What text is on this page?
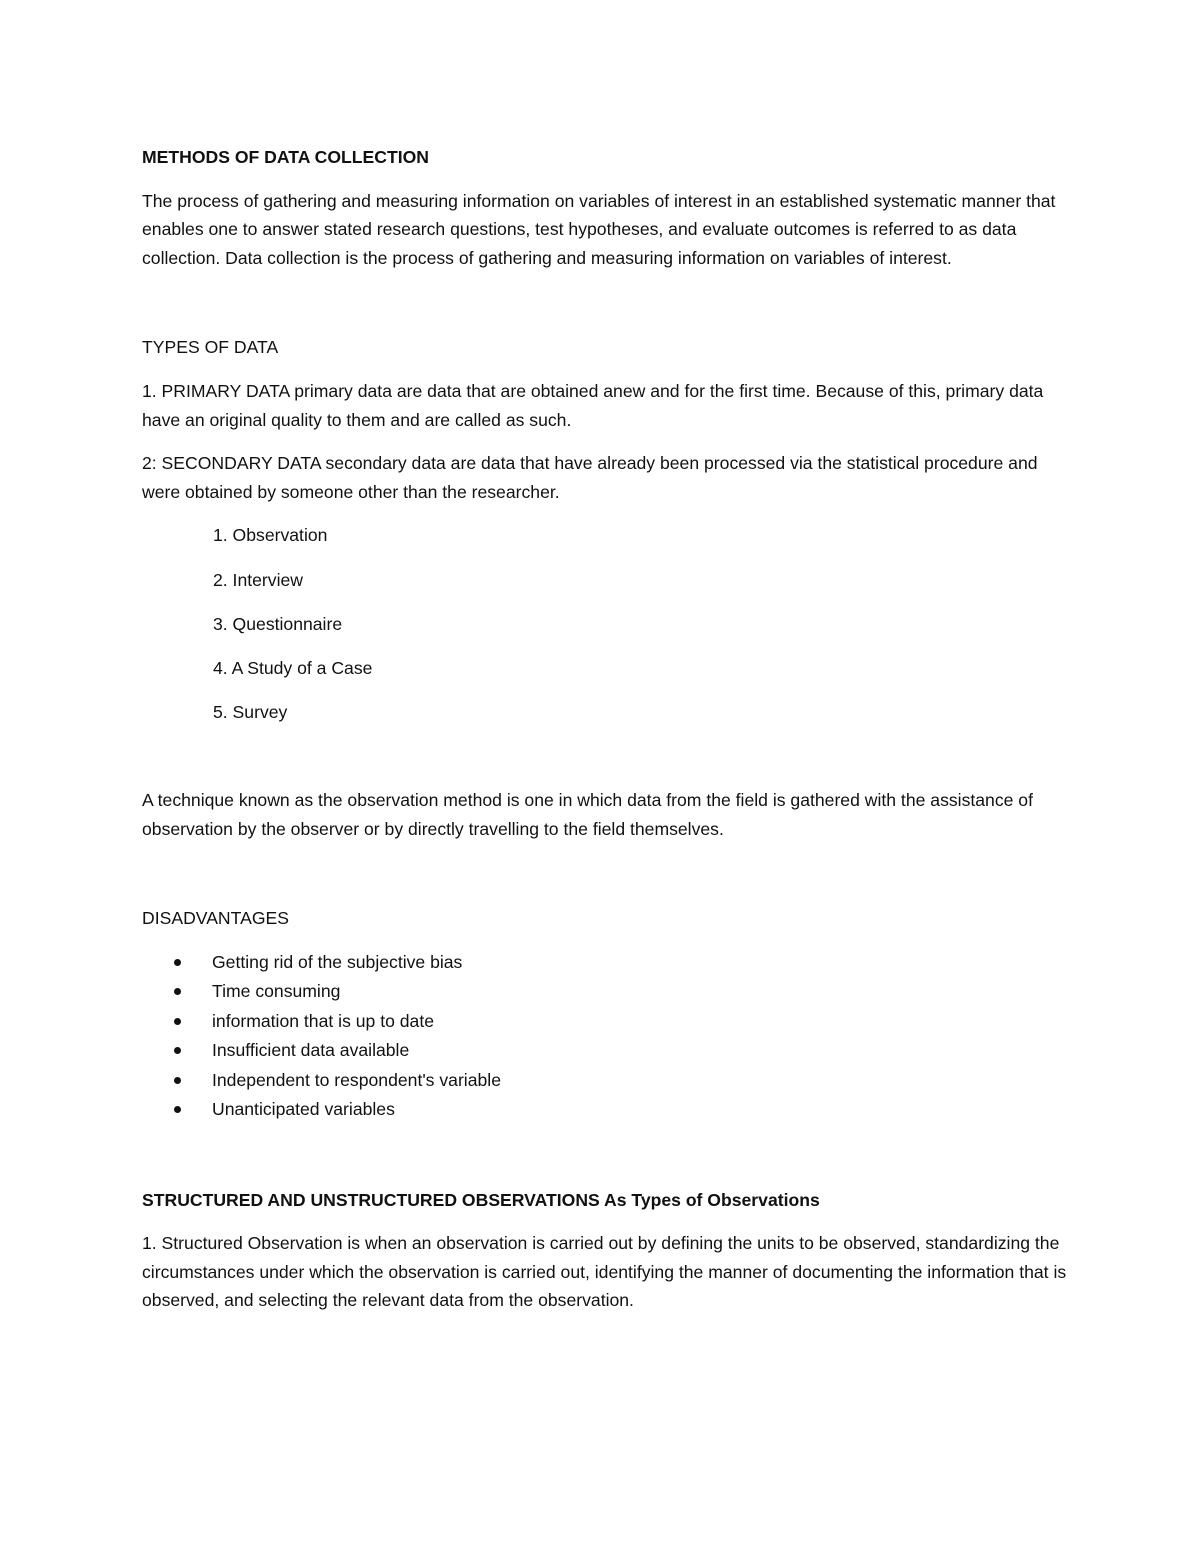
METHODS OF DATA COLLECTION

The process of gathering and measuring information on variables of interest in an established systematic manner that enables one to answer stated research questions, test hypotheses, and evaluate outcomes is referred to as data collection. Data collection is the process of gathering and measuring information on variables of interest.

TYPES OF DATA

1. PRIMARY DATA primary data are data that are obtained anew and for the first time. Because of this, primary data have an original quality to them and are called as such.

2: SECONDARY DATA secondary data are data that have already been processed via the statistical procedure and were obtained by someone other than the researcher.

1. Observation
2. Interview
3. Questionnaire
4. A Study of a Case
5. Survey

A technique known as the observation method is one in which data from the field is gathered with the assistance of observation by the observer or by directly travelling to the field themselves.

DISADVANTAGES

Getting rid of the subjective bias
Time consuming
information that is up to date
Insufficient data available
Independent to respondent's variable
Unanticipated variables

STRUCTURED AND UNSTRUCTURED OBSERVATIONS As Types of Observations

1. Structured Observation is when an observation is carried out by defining the units to be observed, standardizing the circumstances under which the observation is carried out, identifying the manner of documenting the information that is observed, and selecting the relevant data from the observation.
